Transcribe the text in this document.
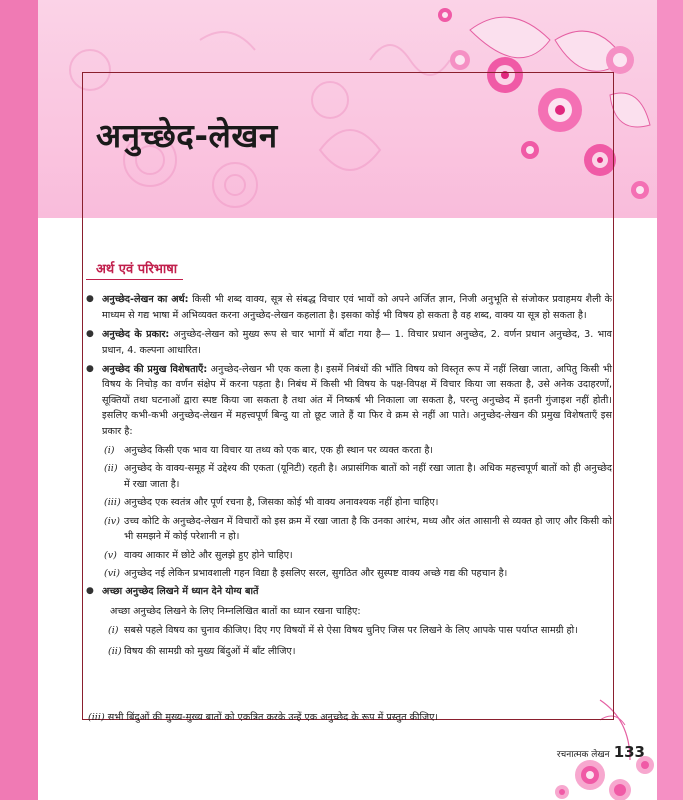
अनुच्छेद-लेखन
अर्थ एवं परिभाषा

● अनुच्छेद-लेखन का अर्थ: किसी भी शब्द वाक्य, सूत्र से संबद्ध विचार एवं भावों को अपने अर्जित ज्ञान, निजी अनुभूति से संजोकर प्रवाहमय शैली के माध्यम से गद्य भाषा में अभिव्यक्त करना अनुच्छेद-लेखन कहलाता है। इसका कोई भी विषय हो सकता है वह शब्द, वाक्य या सूत्र हो सकता है।

● अनुच्छेद के प्रकार: अनुच्छेद-लेखन को मुख्य रूप से चार भागों में बाँटा गया है— 1. विचार प्रधान अनुच्छेद, 2. वर्णन प्रधान अनुच्छेद, 3. भाव प्रधान, 4. कल्पना आधारित।

● अनुच्छेद की प्रमुख विशेषताएँ: अनुच्छेद-लेखन भी एक कला है। इसमें निबंधों की भाँति विषय को विस्तृत रूप में नहीं लिखा जाता, अपितु किसी भी विषय के निचोड़ का वर्णन संक्षेप में करना पड़ता है। निबंध में किसी भी विषय के पक्ष-विपक्ष में विचार किया जा सकता है, उसे अनेक उदाहरणों, सूक्तियों तथा घटनाओं द्वारा स्पष्ट किया जा सकता है तथा अंत में निष्कर्ष भी निकाला जा सकता है, परन्तु अनुच्छेद में इतनी गुंजाइश नहीं होती। इसलिए कभी-कभी अनुच्छेद-लेखन में महत्त्वपूर्ण बिन्दु या तो छूट जाते हैं या फिर वे क्रम से नहीं आ पाते। अनुच्छेद-लेखन की प्रमुख विशेषताएँ इस प्रकार है:

(i) अनुच्छेद किसी एक भाव या विचार या तथ्य को एक बार, एक ही स्थान पर व्यक्त करता है।

(ii) अनुच्छेद के वाक्य-समूह में उद्देश्य की एकता (यूनिटी) रहती है। अप्रासंगिक बातों को नहीं रखा जाता है। अधिक महत्त्वपूर्ण बातों को ही अनुच्छेद में रखा जाता है।

(iii) अनुच्छेद एक स्वतंत्र और पूर्ण रचना है, जिसका कोई भी वाक्य अनावश्यक नहीं होना चाहिए।

(iv) उच्च कोटि के अनुच्छेद-लेखन में विचारों को इस क्रम में रखा जाता है कि उनका आरंभ, मध्य और अंत आसानी से व्यक्त हो जाए और किसी को भी समझने में कोई परेशानी न हो।

(v) वाक्य आकार में छोटे और सुलझे हुए होने चाहिए।

(vi) अनुच्छेद नई लेकिन प्रभावशाली गहन विद्या है इसलिए सरल, सुगठित और सुस्पष्ट वाक्य अच्छे गद्य की पहचान है।

● अच्छा अनुच्छेद लिखने में ध्यान देने योग्य बातें

अच्छा अनुच्छेद लिखने के लिए निम्नलिखित बातों का ध्यान रखना चाहिए:

(i) सबसे पहले विषय का चुनाव कीजिए। दिए गए विषयों में से ऐसा विषय चुनिए जिस पर लिखने के लिए आपके पास पर्याप्त सामग्री हो।

(ii) विषय की सामग्री को मुख्य बिंदुओं में बाँट लीजिए।

(iii) सभी बिंदुओं की मुख्य-मुख्य बातों को एकत्रित करके उन्हें एक अनुच्छेद के रूप में प्रस्तुत कीजिए।
रचनात्मक लेखन 133
